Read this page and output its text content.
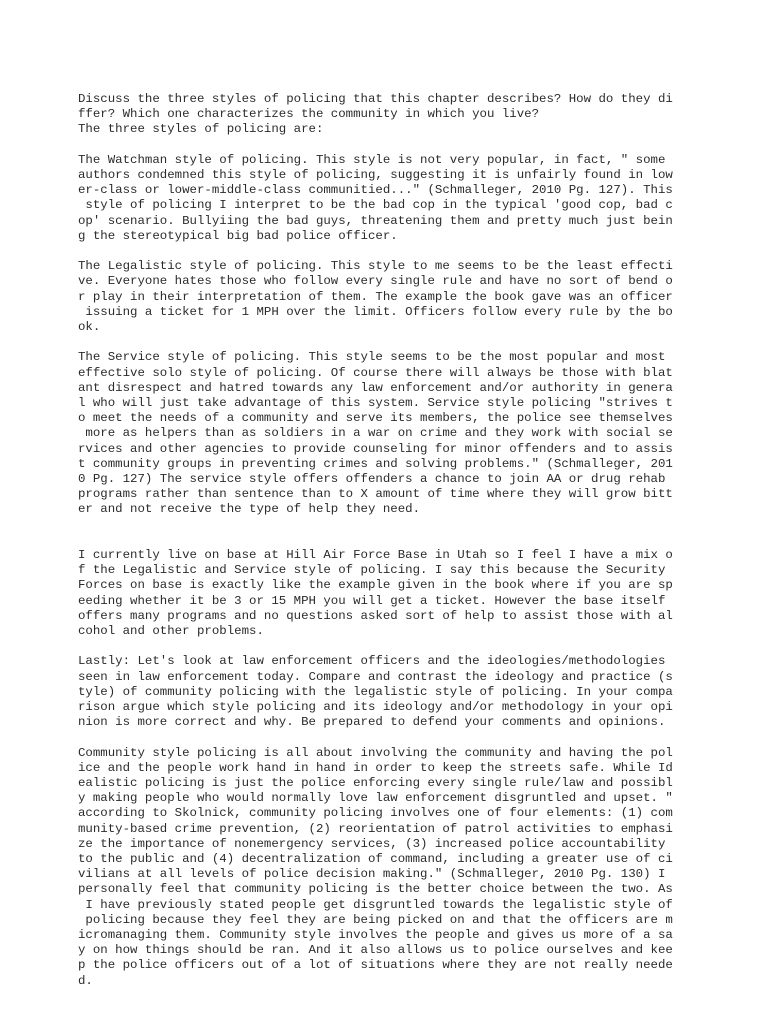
Discuss the three styles of policing that this chapter describes? How do they di
ffer? Which one characterizes the community in which you live?
The three styles of policing are:

The Watchman style of policing. This style is not very popular, in fact, " some
authors condemned this style of policing, suggesting it is unfairly found in low
er-class or lower-middle-class communitied..." (Schmalleger, 2010 Pg. 127). This
style of policing I interpret to be the bad cop in the typical 'good cop, bad c
op' scenario. Bullyiing the bad guys, threatening them and pretty much just bein
g the stereotypical big bad police officer.

The Legalistic style of policing. This style to me seems to be the least effecti
ve. Everyone hates those who follow every single rule and have no sort of bend o
r play in their interpretation of them. The example the book gave was an officer
issuing a ticket for 1 MPH over the limit. Officers follow every rule by the bo
ok.

The Service style of policing. This style seems to be the most popular and most
effective solo style of policing. Of course there will always be those with blat
ant disrespect and hatred towards any law enforcement and/or authority in genera
l who will just take advantage of this system. Service style policing "strives t
o meet the needs of a community and serve its members, the police see themselves
more as helpers than as soldiers in a war on crime and they work with social se
rvices and other agencies to provide counseling for minor offenders and to assis
t community groups in preventing crimes and solving problems." (Schmalleger, 201
0 Pg. 127) The service style offers offenders a chance to join AA or drug rehab
programs rather than sentence than to X amount of time where they will grow bitt
er and not receive the type of help they need.

I currently live on base at Hill Air Force Base in Utah so I feel I have a mix o
f the Legalistic and Service style of policing. I say this because the Security
Forces on base is exactly like the example given in the book where if you are sp
eeding whether it be 3 or 15 MPH you will get a ticket. However the base itself
offers many programs and no questions asked sort of help to assist those with al
cohol and other problems.

Lastly: Let's look at law enforcement officers and the ideologies/methodologies
seen in law enforcement today. Compare and contrast the ideology and practice (s
tyle) of community policing with the legalistic style of policing. In your compa
rison argue which style policing and its ideology and/or methodology in your opi
nion is more correct and why. Be prepared to defend your comments and opinions.

Community style policing is all about involving the community and having the pol
ice and the people work hand in hand in order to keep the streets safe. While Id
ealistic policing is just the police enforcing every single rule/law and possibl
y making people who would normally love law enforcement disgruntled and upset. "
according to Skolnick, community policing involves one of four elements: (1) com
munity-based crime prevention, (2) reorientation of patrol activities to emphasi
ze the importance of nonemergency services, (3) increased police accountability
to the public and (4) decentralization of command, including a greater use of ci
vilians at all levels of police decision making." (Schmalleger, 2010 Pg. 130) I
personally feel that community policing is the better choice between the two. As
I have previously stated people get disgruntled towards the legalistic style of
policing because they feel they are being picked on and that the officers are m
icromanaging them. Community style involves the people and gives us more of a sa
y on how things should be ran. And it also allows us to police ourselves and kee
p the police officers out of a lot of situations where they are not really neede
d.
